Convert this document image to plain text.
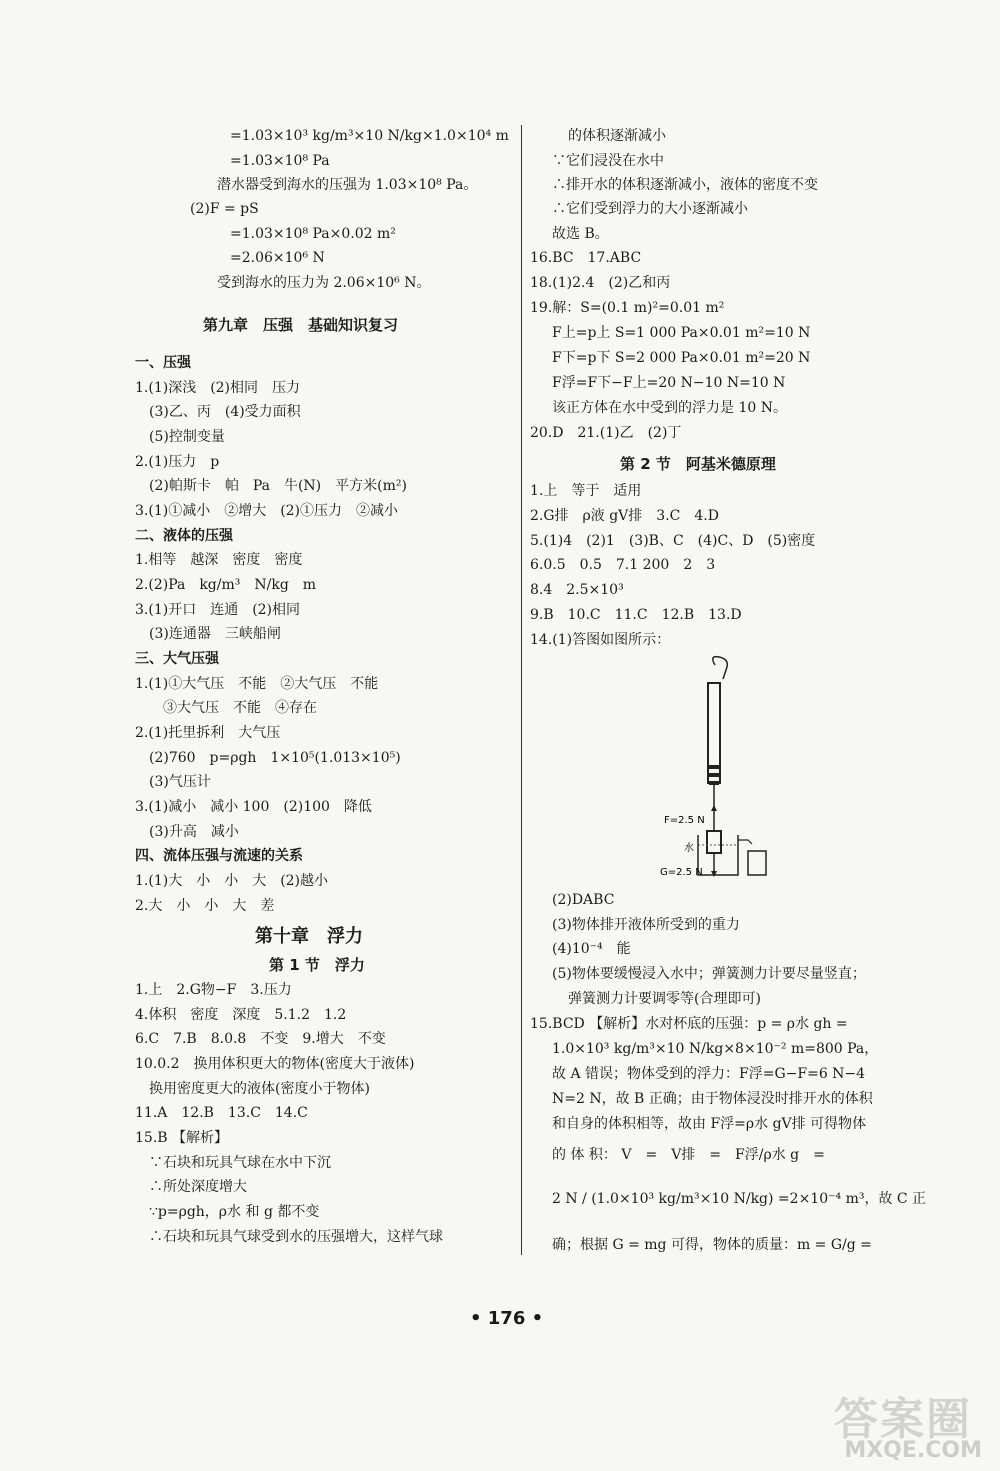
=1.03×10³ kg/m³×10 N/kg×1.0×10⁴ m
=1.03×10⁸ Pa
潜水器受到海水的压强为 1.03×10⁸ Pa。
(2)F = pS
=1.03×10⁸ Pa×0.02 m²
=2.06×10⁶ N
受到海水的压力为 2.06×10⁶ N。
第九章　压强　基础知识复习
一、压强
1.(1)深浅　(2)相同　压力
(3)乙、丙　(4)受力面积
(5)控制变量
2.(1)压力　p
(2)帕斯卡　帕　Pa　牛(N)　平方米(m²)
3.(1)①减小　②增大　(2)①压力　②减小
二、液体的压强
1.相等　越深　密度　密度
2.(2)Pa　kg/m³　N/kg　m
3.(1)开口　连通　(2)相同
(3)连通器　三峡船闸
三、大气压强
1.(1)①大气压　不能　②大气压　不能
③大气压　不能　④存在
2.(1)托里拆利　大气压
(2)760　p=ρgh　1×10⁵(1.013×10⁵)
(3)气压计
3.(1)减小　减小 100　(2)100　降低
(3)升高　减小
四、流体压强与流速的关系
1.(1)大　小　小　大　(2)越小
2.大　小　小　大　差
第十章　浮力
第 1 节　浮力
1.上　2.G物−F　3.压力
4.体积　密度　深度　5.1.2　1.2
6.C　7.B　8.0.8　不变　9.增大　不变
10.0.2　换用体积更大的物体(密度大于液体)
换用密度更大的液体(密度小于物体)
11.A　12.B　13.C　14.C
15.B 【解析】
∵石块和玩具气球在水中下沉
∴所处深度增大
∵p=ρgh，ρ水 和 g 都不变
∴石块和玩具气球受到水的压强增大，这样气球
的体积逐渐减小
∵它们浸没在水中
∴排开水的体积逐渐减小，液体的密度不变
∴它们受到浮力的大小逐渐减小
故选 B。
16.BC　17.ABC
18.(1)2.4　(2)乙和丙
19.解：S=(0.1 m)²=0.01 m²
F上=p上 S=1 000 Pa×0.01 m²=10 N
F下=p下 S=2 000 Pa×0.01 m²=20 N
F浮=F下−F上=20 N−10 N=10 N
该正方体在水中受到的浮力是 10 N。
20.D　21.(1)乙　(2)丁
第 2 节　阿基米德原理
1.上　等于　适用
2.G排　ρ液 gV排　3.C　4.D
5.(1)4　(2)1　(3)B、C　(4)C、D　(5)密度
6.0.5　0.5　7.1 200　2　3
8.4　2.5×10³
9.B　10.C　11.C　12.B　13.D
14.(1)答图如图所示：
(2)DABC
(3)物体排开液体所受到的重力
(4)10⁻⁴　能
(5)物体要缓慢浸入水中；弹簧测力计要尽量竖直；
弹簧测力计要调零等(合理即可)
15.BCD 【解析】水对杯底的压强：p = ρ水 gh =
1.0×10³ kg/m³×10 N/kg×8×10⁻² m=800 Pa，
故 A 错误；物体受到的浮力：F浮=G−F=6 N−4
N=2 N，故 B 正确；由于物体浸没时排开水的体积
和自身的体积相等，故由 F浮=ρ水 gV排 可得物体
的 体 积： V　=　V排　=　F浮/ρ水 g　=
2 N / (1.0×10³ kg/m³×10 N/kg) =2×10⁻⁴ m³，故 C 正
确；根据 G = mg 可得，物体的质量：m = G/g =
F=2.5 N
水
G=2.5 N
• 176 •
答案圈
MXQE.COM
